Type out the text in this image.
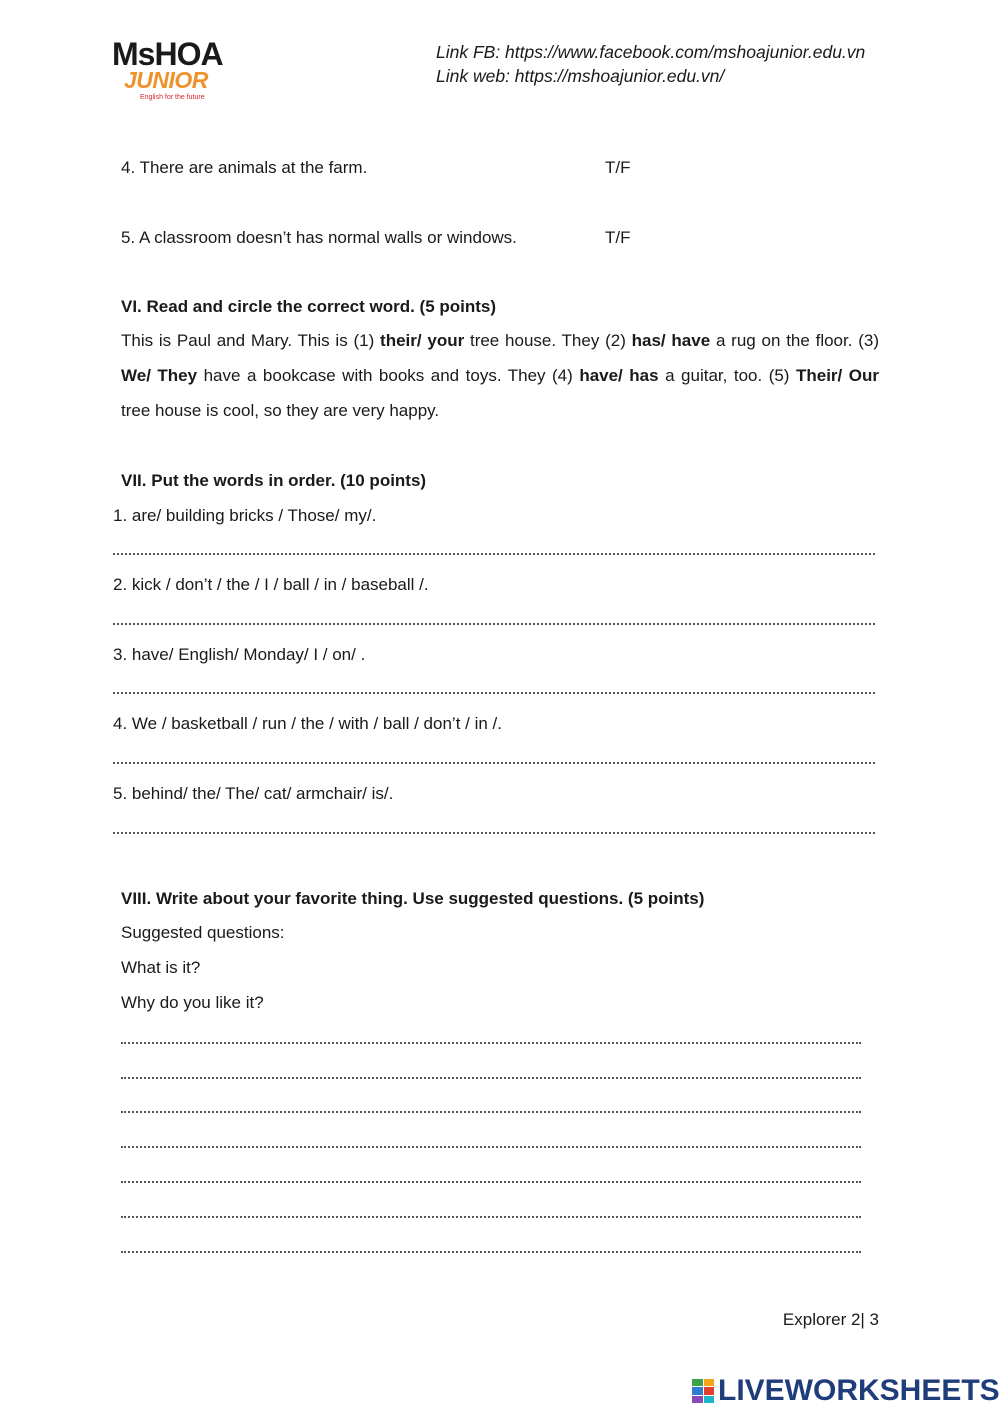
MsHOA
JUNIOR
English for the future
Link FB: https://www.facebook.com/mshoajunior.edu.vn
Link web: https://mshoajunior.edu.vn/
4. There are animals at the farm.	T/F
5. A classroom doesn’t has normal walls or windows.	T/F
VI. Read and circle the correct word. (5 points)
This is Paul and Mary. This is (1) their/ your tree house. They (2) has/ have a rug on the floor. (3) We/ They have a bookcase with books and toys. They (4) have/ has a guitar, too. (5) Their/ Our tree house is cool, so they are very happy.
VII. Put the words in order. (10 points)
1. are/ building bricks / Those/ my/.
2. kick / don’t / the / I / ball / in / baseball /.
3. have/ English/ Monday/ I / on/ .
4. We / basketball / run / the / with / ball / don’t / in /.
5. behind/ the/ The/ cat/ armchair/ is/.
VIII. Write about your favorite thing. Use suggested questions. (5 points)
Suggested questions:
What is it?
Why do you like it?
Explorer 2| 3
LIVEWORKSHEETS
